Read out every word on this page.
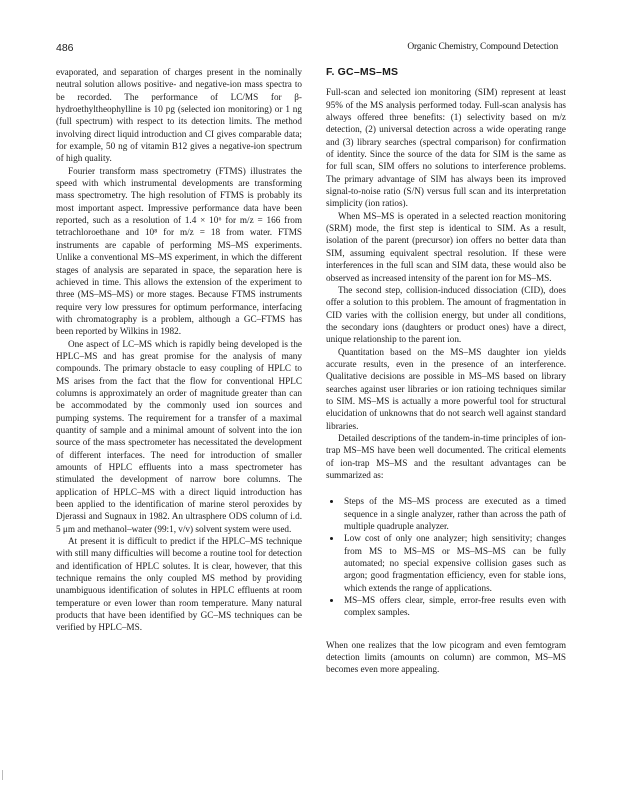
486	Organic Chemistry, Compound Detection

evaporated, and separation of charges present in the nominally neutral solution allows positive- and negative-ion mass spectra to be recorded. The performance of LC/MS for β-hydroethyltheophylline is 10 pg (selected ion monitoring) or 1 ng (full spectrum) with respect to its detection limits. The method involving direct liquid introduction and CI gives comparable data; for example, 50 ng of vitamin B12 gives a negative-ion spectrum of high quality.

Fourier transform mass spectrometry (FTMS) illustrates the speed with which instrumental developments are transforming mass spectrometry. The high resolution of FTMS is probably its most important aspect. Impressive performance data have been reported, such as a resolution of 1.4 × 10⁶ for m/z = 166 from tetrachloroethane and 10⁸ for m/z = 18 from water. FTMS instruments are capable of performing MS–MS experiments. Unlike a conventional MS–MS experiment, in which the different stages of analysis are separated in space, the separation here is achieved in time. This allows the extension of the experiment to three (MS–MS–MS) or more stages. Because FTMS instruments require very low pressures for optimum performance, interfacing with chromatography is a problem, although a GC–FTMS has been reported by Wilkins in 1982.

One aspect of LC–MS which is rapidly being developed is the HPLC–MS and has great promise for the analysis of many compounds. The primary obstacle to easy coupling of HPLC to MS arises from the fact that the flow for conventional HPLC columns is approximately an order of magnitude greater than can be accommodated by the commonly used ion sources and pumping systems. The requirement for a transfer of a maximal quantity of sample and a minimal amount of solvent into the ion source of the mass spectrometer has necessitated the development of different interfaces. The need for introduction of smaller amounts of HPLC effluents into a mass spectrometer has stimulated the development of narrow bore columns. The application of HPLC–MS with a direct liquid introduction has been applied to the identification of marine sterol peroxides by Djerassi and Sugnaux in 1982. An ultrasphere ODS column of i.d. 5 μm and methanol–water (99:1, v/v) solvent system were used.

At present it is difficult to predict if the HPLC–MS technique with still many difficulties will become a routine tool for detection and identification of HPLC solutes. It is clear, however, that this technique remains the only coupled MS method by providing unambiguous identification of solutes in HPLC effluents at room temperature or even lower than room temperature. Many natural products that have been identified by GC–MS techniques can be verified by HPLC–MS.

F. GC–MS–MS

Full-scan and selected ion monitoring (SIM) represent at least 95% of the MS analysis performed today. Full-scan analysis has always offered three benefits: (1) selectivity based on m/z detection, (2) universal detection across a wide operating range and (3) library searches (spectral comparison) for confirmation of identity. Since the source of the data for SIM is the same as for full scan, SIM offers no solutions to interference problems. The primary advantage of SIM has always been its improved signal-to-noise ratio (S/N) versus full scan and its interpretation simplicity (ion ratios).

When MS–MS is operated in a selected reaction monitoring (SRM) mode, the first step is identical to SIM. As a result, isolation of the parent (precursor) ion offers no better data than SIM, assuming equivalent spectral resolution. If these were interferences in the full scan and SIM data, these would also be observed as increased intensity of the parent ion for MS–MS.

The second step, collision-induced dissociation (CID), does offer a solution to this problem. The amount of fragmentation in CID varies with the collision energy, but under all conditions, the secondary ions (daughters or product ones) have a direct, unique relationship to the parent ion.

Quantitation based on the MS–MS daughter ion yields accurate results, even in the presence of an interference. Qualitative decisions are possible in MS–MS based on library searches against user libraries or ion ratioing techniques similar to SIM. MS–MS is actually a more powerful tool for structural elucidation of unknowns that do not search well against standard libraries.

Detailed descriptions of the tandem-in-time principles of ion-trap MS–MS have been well documented. The critical elements of ion-trap MS–MS and the resultant advantages can be summarized as:

• Steps of the MS–MS process are executed as a timed sequence in a single analyzer, rather than across the path of multiple quadruple analyzer.
• Low cost of only one analyzer; high sensitivity; changes from MS to MS–MS or MS–MS–MS can be fully automated; no special expensive collision gases such as argon; good fragmentation efficiency, even for stable ions, which extends the range of applications.
• MS–MS offers clear, simple, error-free results even with complex samples.

When one realizes that the low picogram and even femtogram detection limits (amounts on column) are common, MS–MS becomes even more appealing.
